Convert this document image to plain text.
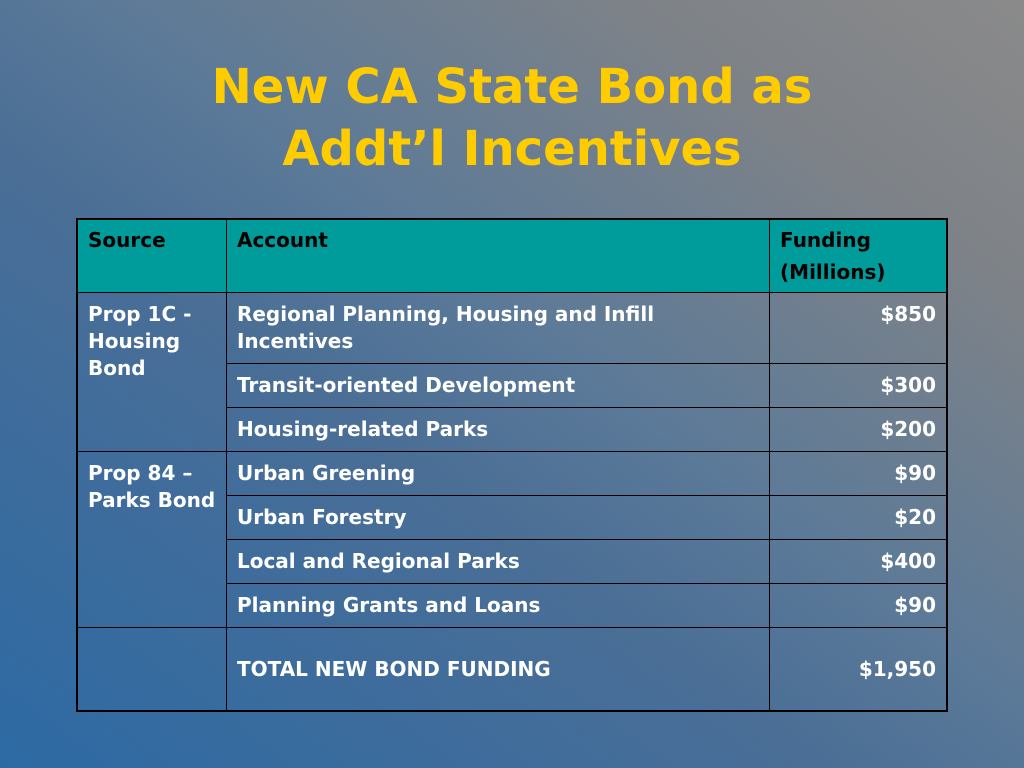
New CA State Bond as
Addt’l Incentives
Source	Account	Funding
(Millions)
Prop 1C - Housing Bond	Regional Planning, Housing and Infill Incentives	$850
	Transit-oriented Development	$300
	Housing-related Parks	$200
Prop 84 – Parks Bond	Urban Greening	$90
	Urban Forestry	$20
	Local and Regional Parks	$400
	Planning Grants and Loans	$90
	TOTAL NEW BOND FUNDING	$1,950
